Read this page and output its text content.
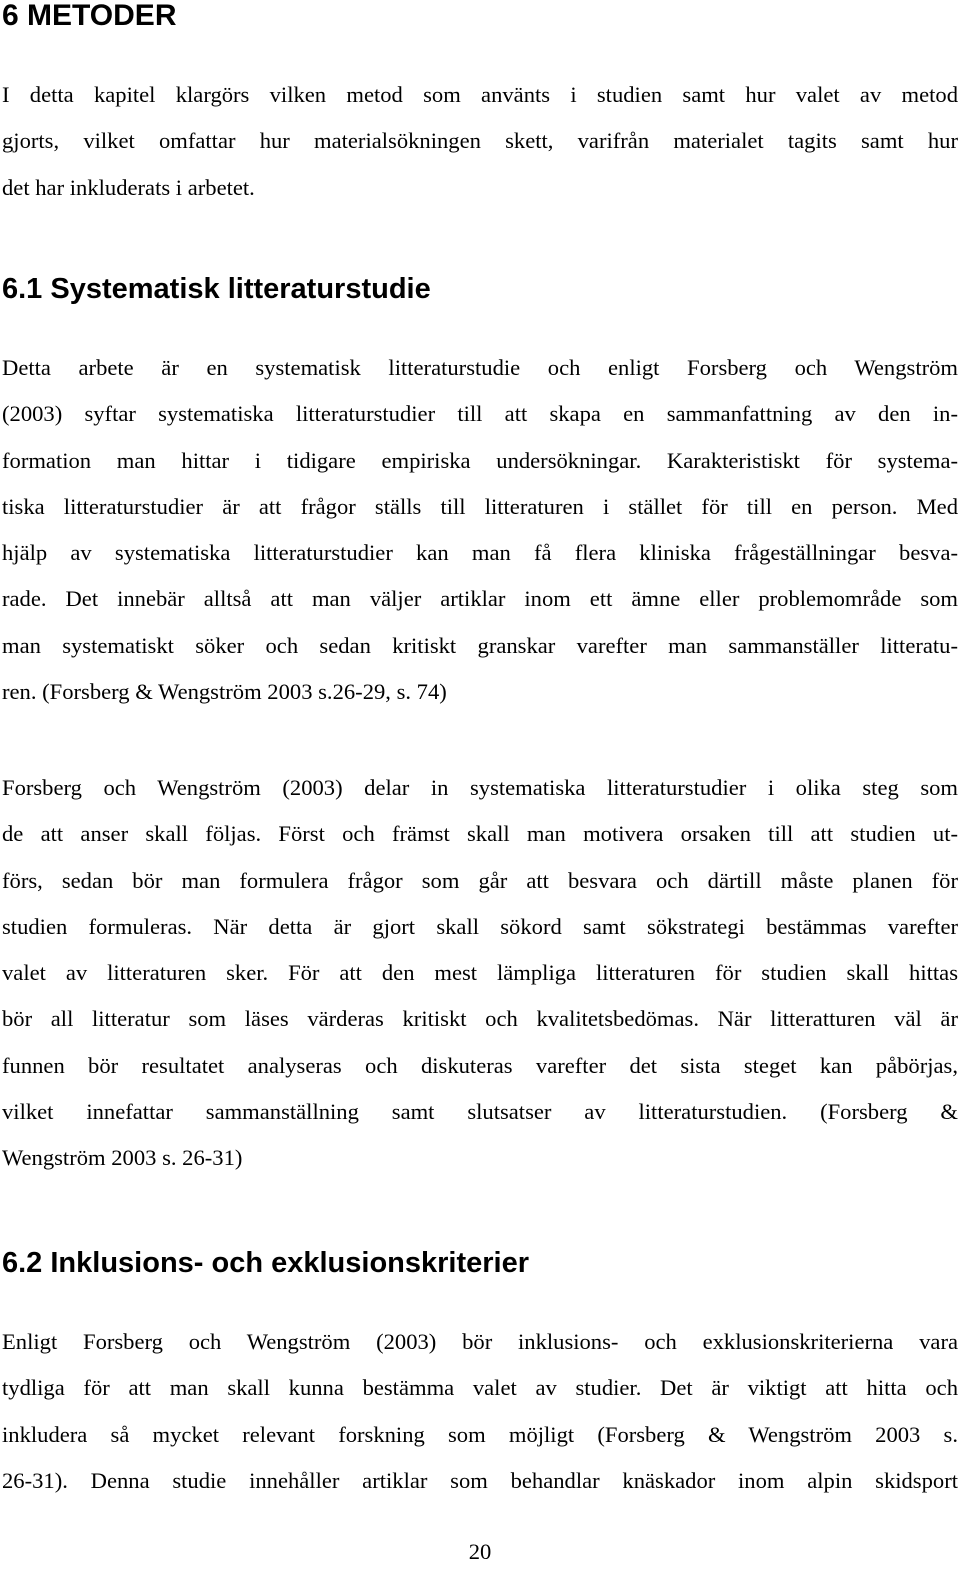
6 METODER
I detta kapitel klargörs vilken metod som använts i studien samt hur valet av metod
gjorts, vilket omfattar hur materialsökningen skett, varifrån materialet tagits samt hur
det har inkluderats i arbetet.
6.1 Systematisk litteraturstudie
Detta arbete är en systematisk litteraturstudie och enligt Forsberg och Wengström
(2003) syftar systematiska litteraturstudier till att skapa en sammanfattning av den in-
formation man hittar i tidigare empiriska undersökningar. Karakteristiskt för systema-
tiska litteraturstudier är att frågor ställs till litteraturen i stället för till en person. Med
hjälp av systematiska litteraturstudier kan man få flera kliniska frågeställningar besva-
rade. Det innebär alltså att man väljer artiklar inom ett ämne eller problemområde som
man systematiskt söker och sedan kritiskt granskar varefter man sammanställer litteratu-
ren. (Forsberg & Wengström 2003 s.26-29, s. 74)
Forsberg och Wengström (2003) delar in systematiska litteraturstudier i olika steg som
de att anser skall följas. Först och främst skall man motivera orsaken till att studien ut-
förs, sedan bör man formulera frågor som går att besvara och därtill måste planen för
studien formuleras. När detta är gjort skall sökord samt sökstrategi bestämmas varefter
valet av litteraturen sker. För att den mest lämpliga litteraturen för studien skall hittas
bör all litteratur som läses värderas kritiskt och kvalitetsbedömas. När litteratturen väl är
funnen bör resultatet analyseras och diskuteras varefter det sista steget kan påbörjas,
vilket innefattar sammanställning samt slutsatser av litteraturstudien. (Forsberg &
Wengström 2003 s. 26-31)
6.2 Inklusions- och exklusionskriterier
Enligt Forsberg och Wengström (2003) bör inklusions- och exklusionskriterierna vara
tydliga för att man skall kunna bestämma valet av studier. Det är viktigt att hitta och
inkludera så mycket relevant forskning som möjligt (Forsberg & Wengström 2003 s.
26-31). Denna studie innehåller artiklar som behandlar knäskador inom alpin skidsport
20
